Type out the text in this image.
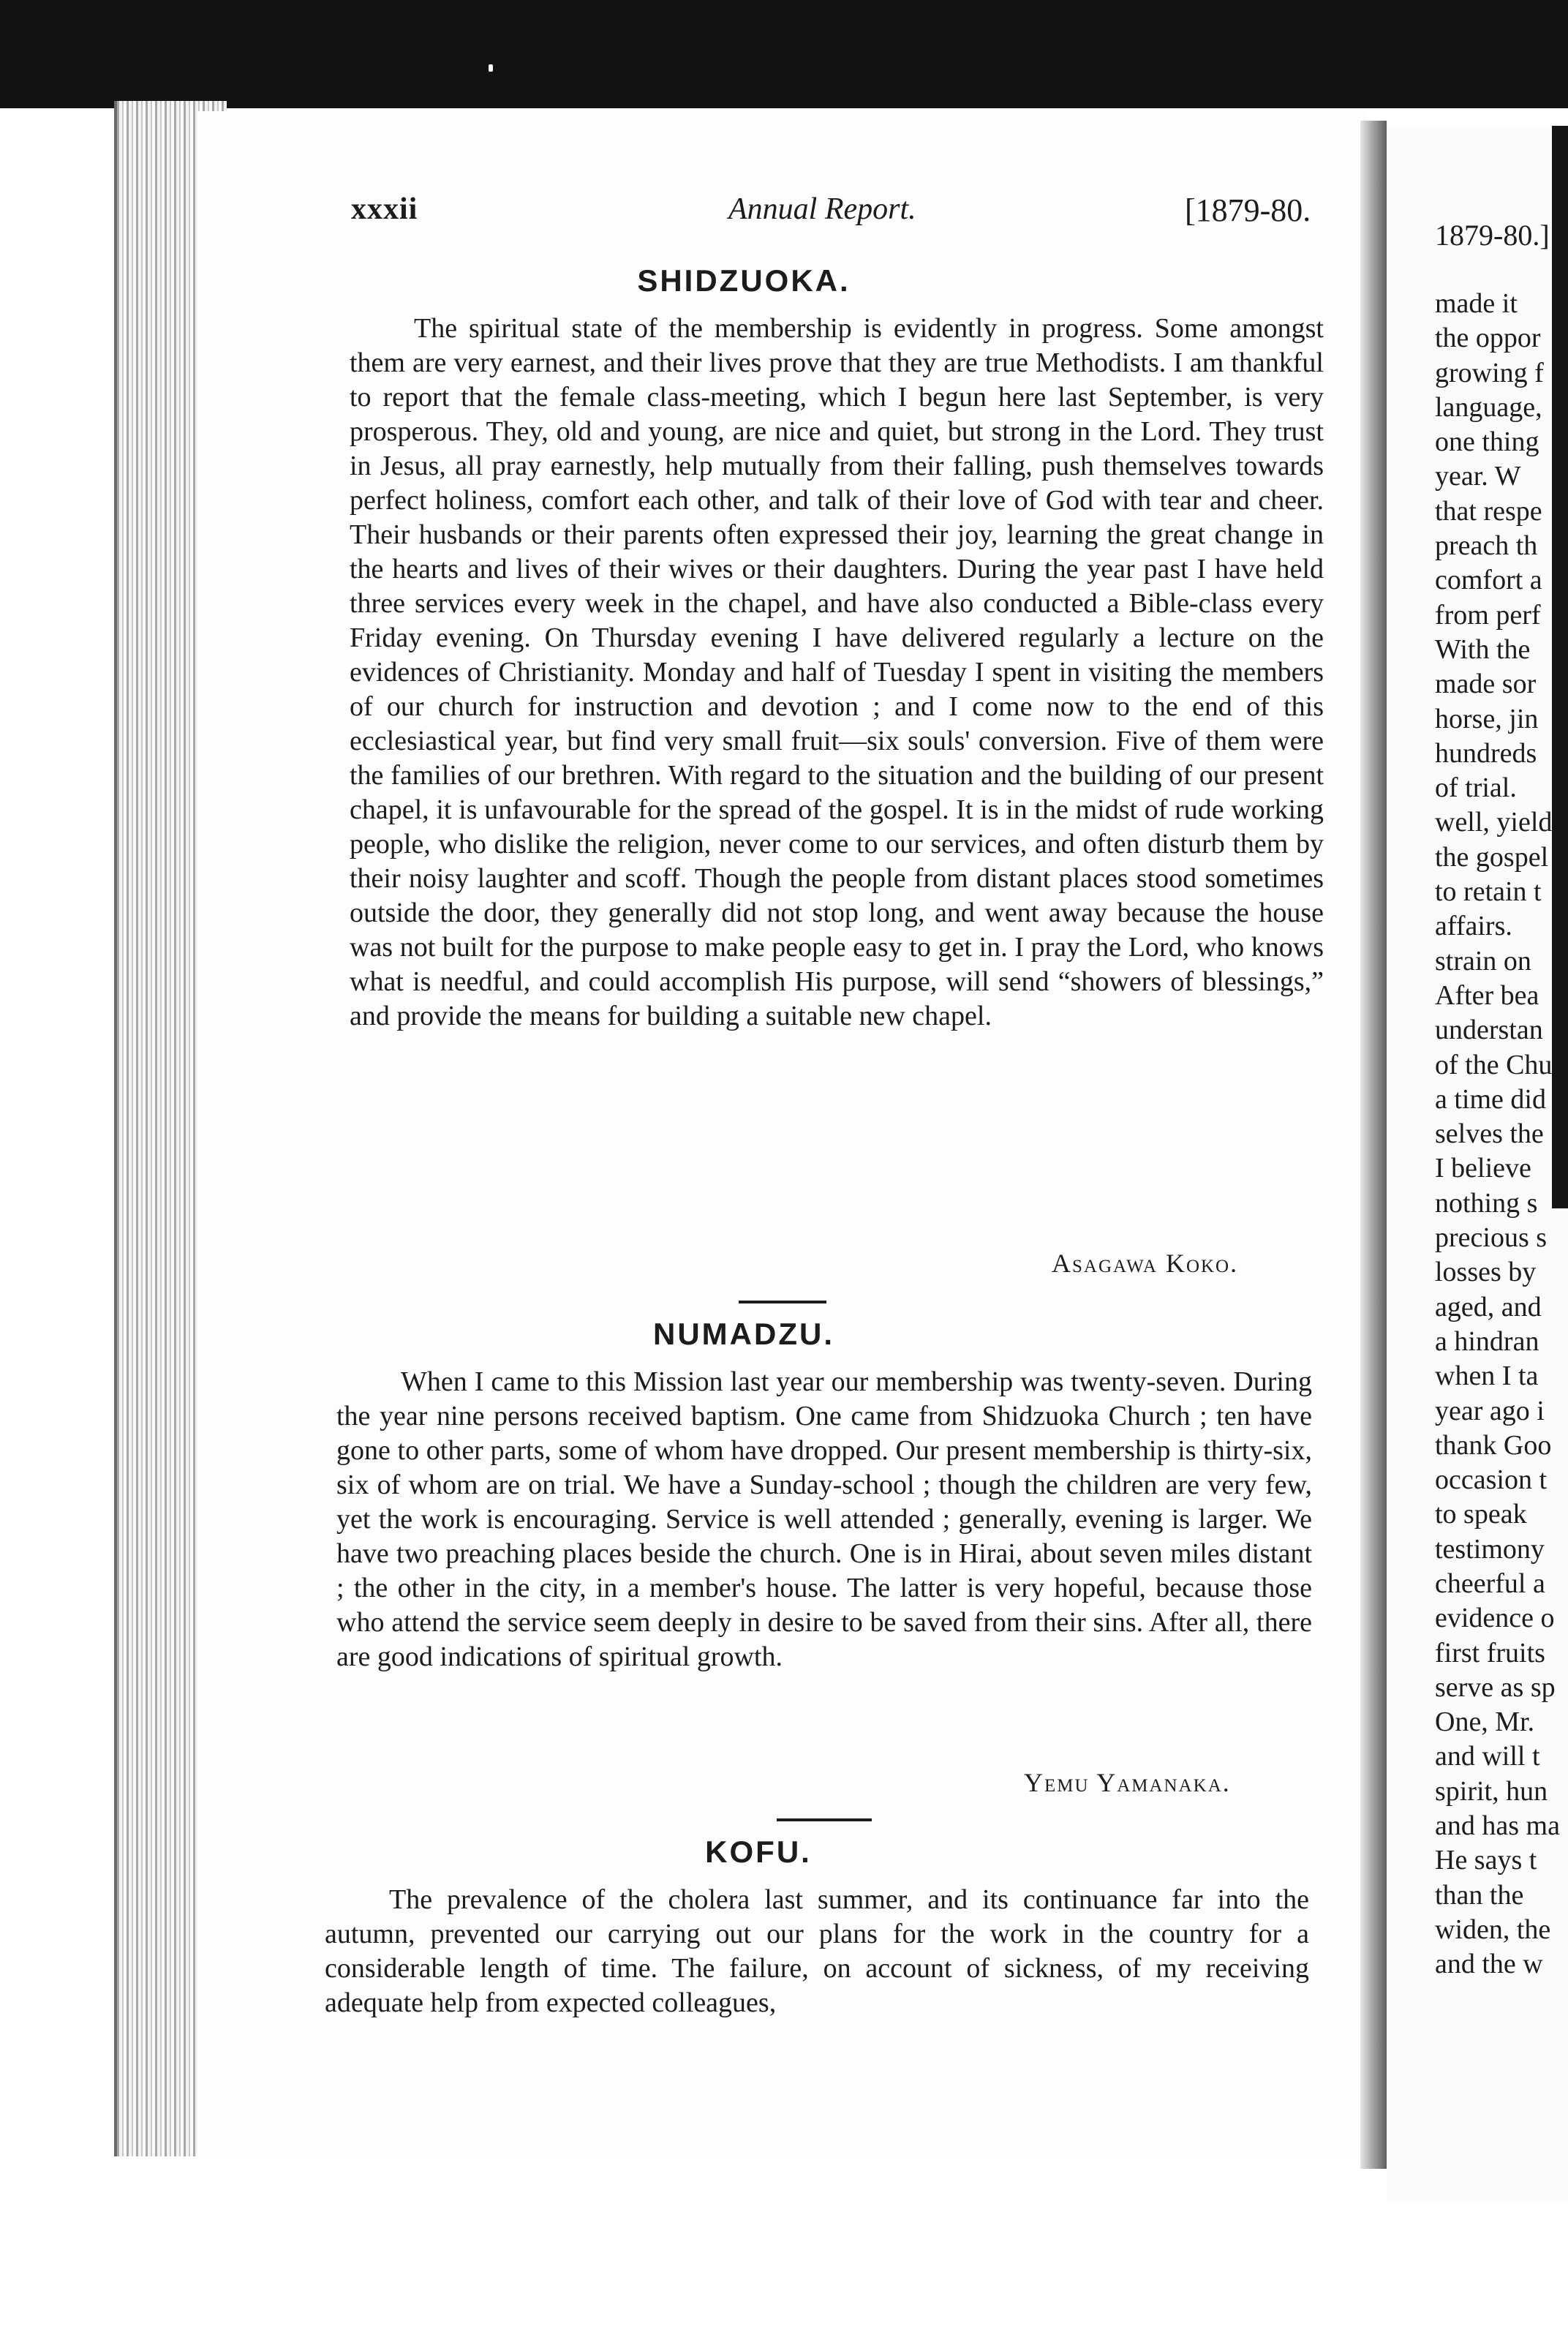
xxxii	Annual Report.	[1879-80.
SHIDZUOKA.

The spiritual state of the membership is evidently in progress. Some amongst them are very earnest, and their lives prove that they are true Methodists. I am thankful to report that the female class-meeting, which I begun here last September, is very prosperous. They, old and young, are nice and quiet, but strong in the Lord. They trust in Jesus, all pray earnestly, help mutually from their falling, push themselves towards perfect holiness, comfort each other, and talk of their love of God with tear and cheer. Their husbands or their parents often expressed their joy, learning the great change in the hearts and lives of their wives or their daughters. During the year past I have held three services every week in the chapel, and have also conducted a Bible-class every Friday evening. On Thursday evening I have delivered regularly a lecture on the evidences of Christianity. Monday and half of Tuesday I spent in visiting the members of our church for instruction and devotion ; and I come now to the end of this ecclesiastical year, but find very small fruit—six souls' conversion. Five of them were the families of our brethren. With regard to the situation and the building of our present chapel, it is unfavourable for the spread of the gospel. It is in the midst of rude working people, who dislike the religion, never come to our services, and often disturb them by their noisy laughter and scoff. Though the people from distant places stood sometimes outside the door, they generally did not stop long, and went away because the house was not built for the purpose to make people easy to get in. I pray the Lord, who knows what is needful, and could accomplish His purpose, will send “showers of blessings,” and provide the means for building a suitable new chapel.

Asagawa Koko.
NUMADZU.

When I came to this Mission last year our membership was twenty-seven. During the year nine persons received baptism. One came from Shidzuoka Church ; ten have gone to other parts, some of whom have dropped. Our present membership is thirty-six, six of whom are on trial. We have a Sunday-school ; though the children are very few, yet the work is encouraging. Service is well attended ; generally, evening is larger. We have two preaching places beside the church. One is in Hirai, about seven miles distant ; the other in the city, in a member's house. The latter is very hopeful, because those who attend the service seem deeply in desire to be saved from their sins. After all, there are good indications of spiritual growth.

Yemu Yamanaka.
KOFU.

The prevalence of the cholera last summer, and its continuance far into the autumn, prevented our carrying out our plans for the work in the country for a considerable length of time. The failure, on account of sickness, of my receiving adequate help from expected colleagues,

1879-80.]
made it
the oppor
growing f
language,
one thing
year. W
that respe
preach th
comfort a
from perf
With the
made sor
horse, jin
hundreds
of trial.
well, yield
the gospel
to retain t
affairs.
strain on
After bea
understan
of the Chu
a time did
selves the
I believe
nothing s
precious s
losses by
aged, and
a hindran
when I ta
year ago i
thank Goo
occasion t
to speak
testimony
cheerful a
evidence o
first fruits
serve as sp
One, Mr.
and will t
spirit, hun
and has ma
He says t
than the
widen, the
and the w
